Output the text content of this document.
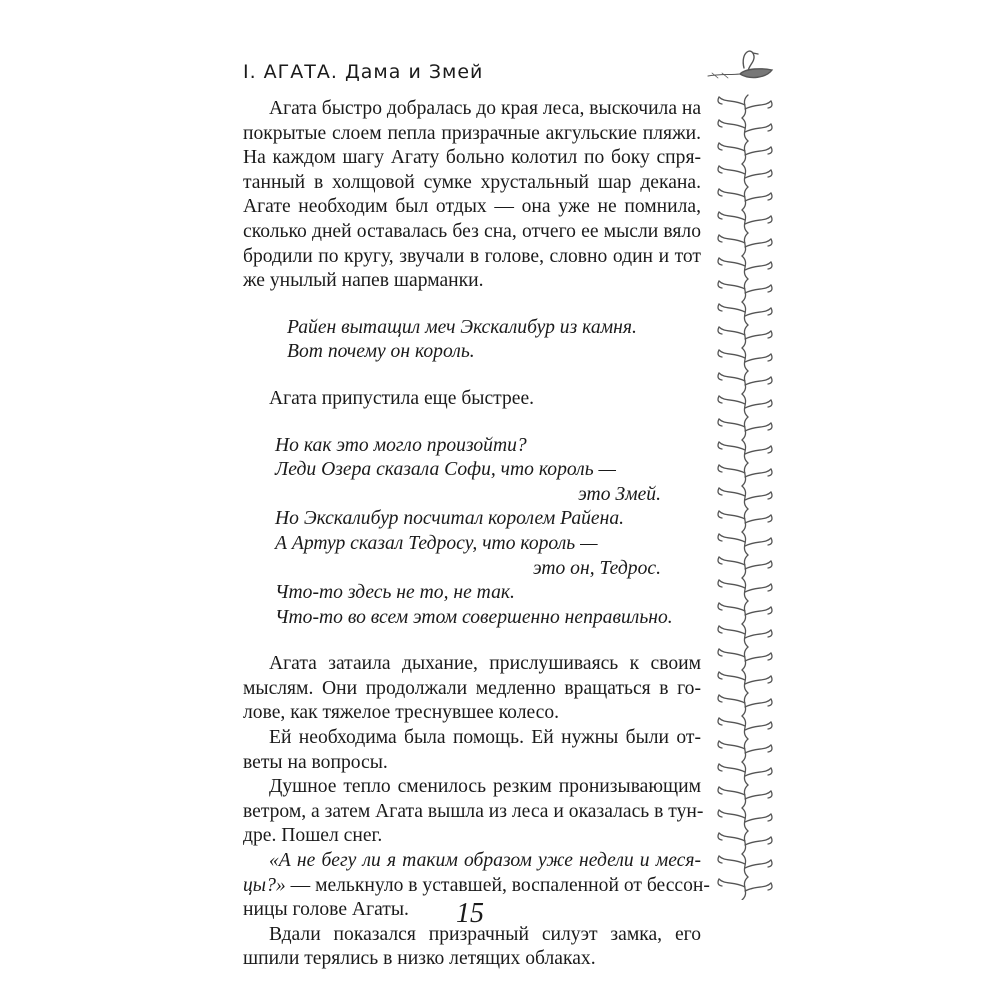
I. АГАТА. Дама и Змей
Агата быстро добралась до края леса, выскочила на
покрытые слоем пепла призрачные акгульские пляжи.
На каждом шагу Агату больно колотил по боку спря-
танный в холщовой сумке хрустальный шар декана.
Агате необходим был отдых — она уже не помнила,
сколько дней оставалась без сна, отчего ее мысли вяло
бродили по кругу, звучали в голове, словно один и тот
же унылый напев шарманки.
Райен вытащил меч Экскалибур из камня.
Вот почему он король.
Агата припустила еще быстрее.
Но как это могло произойти?
Леди Озера сказала Софи, что король —
это Змей.
Но Экскалибур посчитал королем Райена.
А Артур сказал Тедросу, что король —
это он, Тедрос.
Что-то здесь не то, не так.
Что-то во всем этом совершенно неправильно.
Агата затаила дыхание, прислушиваясь к своим
мыслям. Они продолжали медленно вращаться в го-
лове, как тяжелое треснувшее колесо.
Ей необходима была помощь. Ей нужны были от-
веты на вопросы.
Душное тепло сменилось резким пронизывающим
ветром, а затем Агата вышла из леса и оказалась в тун-
дре. Пошел снег.
«А не бегу ли я таким образом уже недели и меся-
цы?» — мелькнуло в уставшей, воспаленной от бессон-
ницы голове Агаты.
Вдали показался призрачный силуэт замка, его
шпили терялись в низко летящих облаках.
15
